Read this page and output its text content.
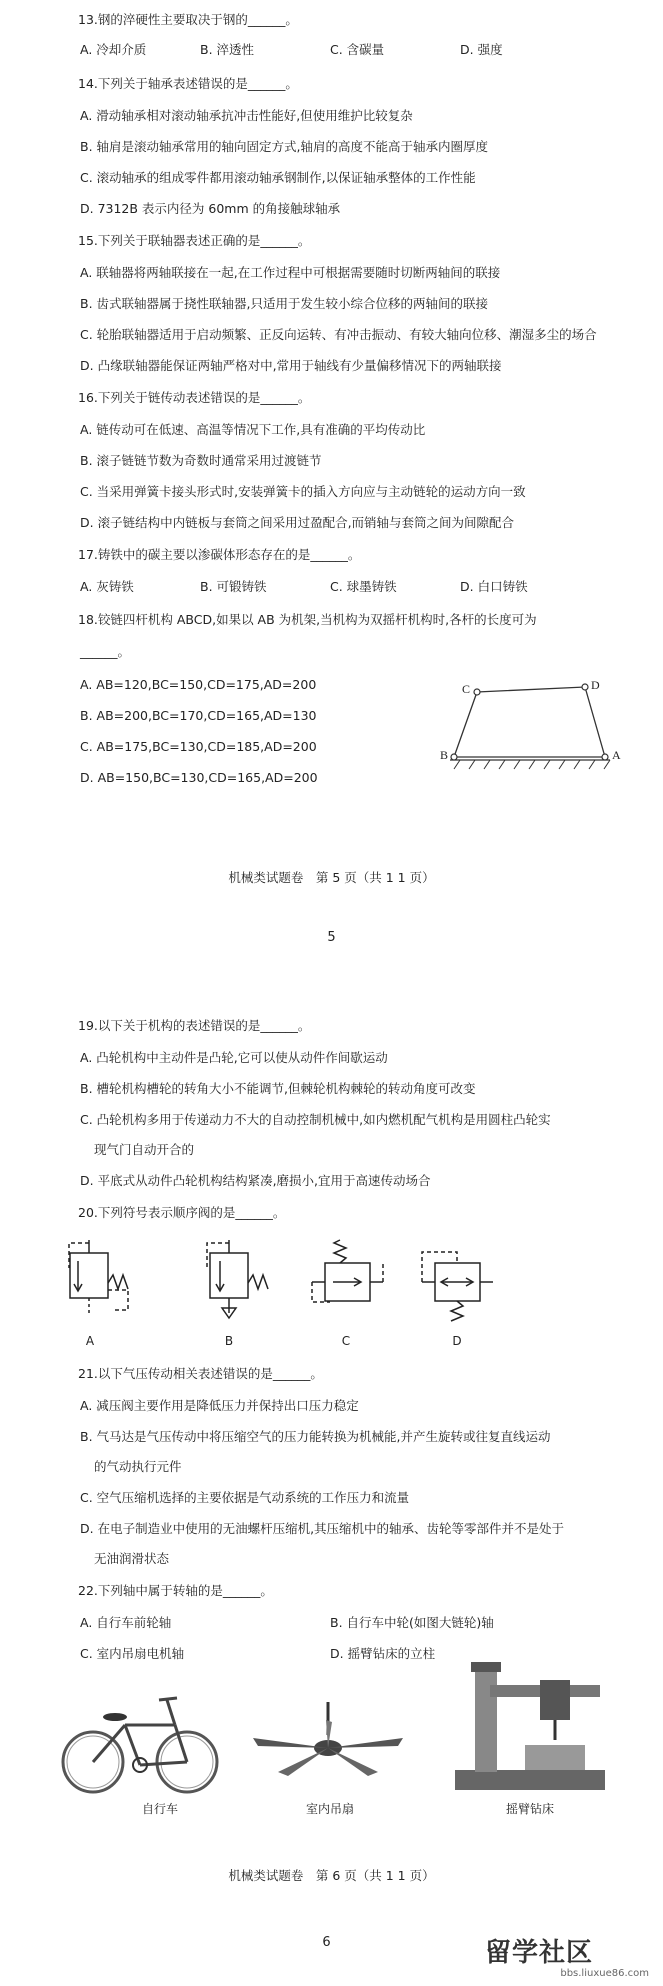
13.钢的淬硬性主要取决于钢的______。
A. 冷却介质	B. 淬透性	C. 含碳量	D. 强度
14.下列关于轴承表述错误的是______。
A. 滑动轴承相对滚动轴承抗冲击性能好,但使用维护比较复杂
B. 轴肩是滚动轴承常用的轴向固定方式,轴肩的高度不能高于轴承内圈厚度
C. 滚动轴承的组成零件都用滚动轴承钢制作,以保证轴承整体的工作性能
D. 7312B 表示内径为 60mm 的角接触球轴承
15.下列关于联轴器表述正确的是______。
A. 联轴器将两轴联接在一起,在工作过程中可根据需要随时切断两轴间的联接
B. 齿式联轴器属于挠性联轴器,只适用于发生较小综合位移的两轴间的联接
C. 轮胎联轴器适用于启动频繁、正反向运转、有冲击振动、有较大轴向位移、潮湿多尘的场合
D. 凸缘联轴器能保证两轴严格对中,常用于轴线有少量偏移情况下的两轴联接
16.下列关于链传动表述错误的是______。
A. 链传动可在低速、高温等情况下工作,具有准确的平均传动比
B. 滚子链链节数为奇数时通常采用过渡链节
C. 当采用弹簧卡接头形式时,安装弹簧卡的插入方向应与主动链轮的运动方向一致
D. 滚子链结构中内链板与套筒之间采用过盈配合,而销轴与套筒之间为间隙配合
17.铸铁中的碳主要以渗碳体形态存在的是______。
A. 灰铸铁	B. 可锻铸铁	C. 球墨铸铁	D. 白口铸铁
18.铰链四杆机构 ABCD,如果以 AB 为机架,当机构为双摇杆机构时,各杆的长度可为
______。
A. AB=120,BC=150,CD=175,AD=200
B. AB=200,BC=170,CD=165,AD=130
C. AB=175,BC=130,CD=185,AD=200
D. AB=150,BC=130,CD=165,AD=200
C	D
A
B
机械类试题卷　第 5 页（共 1 1 页）
5
19.以下关于机构的表述错误的是______。
A. 凸轮机构中主动件是凸轮,它可以使从动件作间歇运动
B. 槽轮机构槽轮的转角大小不能调节,但棘轮机构棘轮的转动角度可改变
C. 凸轮机构多用于传递动力不大的自动控制机械中,如内燃机配气机构是用圆柱凸轮实
现气门自动开合的
D. 平底式从动件凸轮机构结构紧凑,磨损小,宜用于高速传动场合
20.下列符号表示顺序阀的是______。
A	B	C	D
21.以下气压传动相关表述错误的是______。
A. 减压阀主要作用是降低压力并保持出口压力稳定
B. 气马达是气压传动中将压缩空气的压力能转换为机械能,并产生旋转或往复直线运动
的气动执行元件
C. 空气压缩机选择的主要依据是气动系统的工作压力和流量
D. 在电子制造业中使用的无油螺杆压缩机,其压缩机中的轴承、齿轮等零部件并不是处于
无油润滑状态
22.下列轴中属于转轴的是______。
A. 自行车前轮轴	B. 自行车中轮(如图大链轮)轴
C. 室内吊扇电机轴	D. 摇臂钻床的立柱
自行车	室内吊扇	摇臂钻床
机械类试题卷　第 6 页（共 1 1 页）
6	留学社区
bbs.liuxue86.com
